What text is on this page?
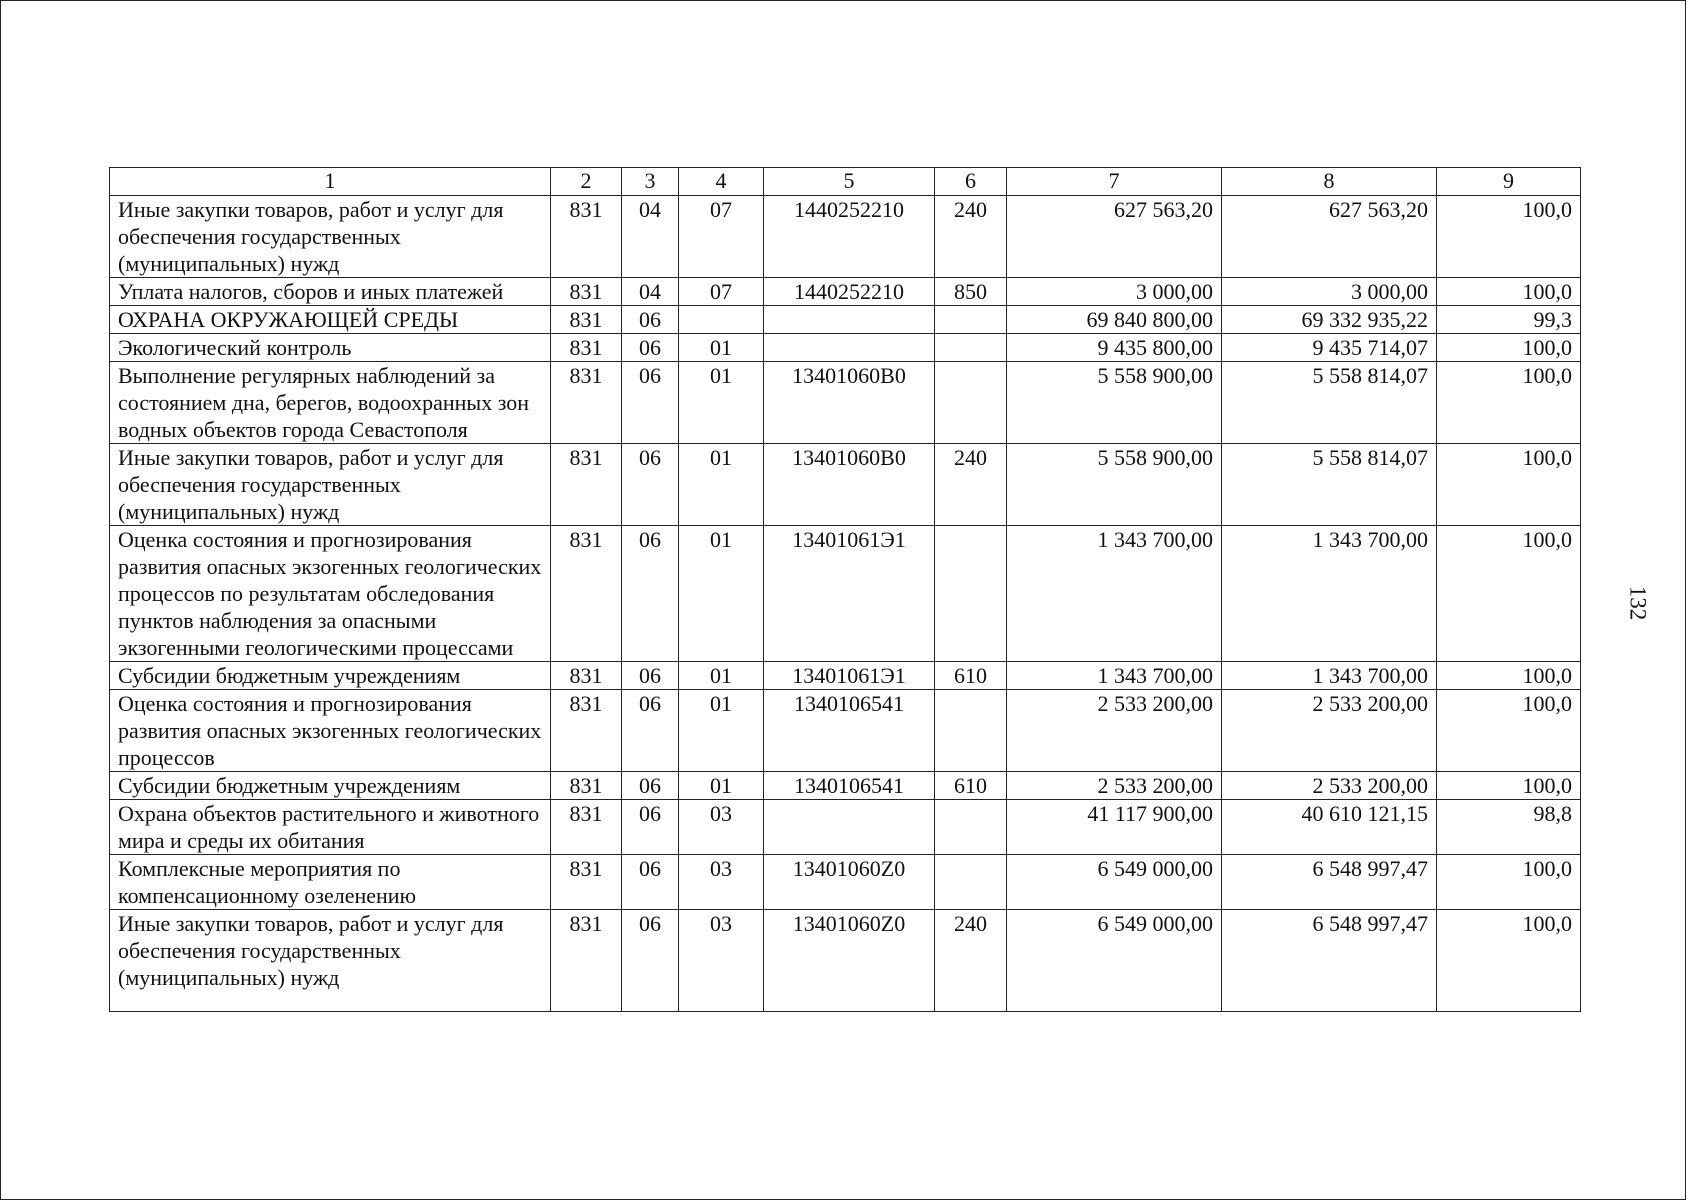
1	2	3	4	5	6	7	8	9
Иные закупки товаров, работ и услуг для обеспечения государственных (муниципальных) нужд	831	04	07	1440252210	240	627 563,20	627 563,20	100,0
Уплата налогов, сборов и иных платежей	831	04	07	1440252210	850	3 000,00	3 000,00	100,0
ОХРАНА ОКРУЖАЮЩЕЙ СРЕДЫ	831	06				69 840 800,00	69 332 935,22	99,3
Экологический контроль	831	06	01			9 435 800,00	9 435 714,07	100,0
Выполнение регулярных наблюдений за состоянием дна, берегов, водоохранных зон водных объектов города Севастополя	831	06	01	13401060В0		5 558 900,00	5 558 814,07	100,0
Иные закупки товаров, работ и услуг для обеспечения государственных (муниципальных) нужд	831	06	01	13401060В0	240	5 558 900,00	5 558 814,07	100,0
Оценка состояния и прогнозирования развития опасных экзогенных геологических процессов по результатам обследования пунктов наблюдения за опасными экзогенными геологическими процессами	831	06	01	13401061Э1		1 343 700,00	1 343 700,00	100,0
Субсидии бюджетным учреждениям	831	06	01	13401061Э1	610	1 343 700,00	1 343 700,00	100,0
Оценка состояния и прогнозирования развития опасных экзогенных геологических процессов	831	06	01	1340106541		2 533 200,00	2 533 200,00	100,0
Субсидии бюджетным учреждениям	831	06	01	1340106541	610	2 533 200,00	2 533 200,00	100,0
Охрана объектов растительного и животного мира и среды их обитания	831	06	03			41 117 900,00	40 610 121,15	98,8
Комплексные мероприятия по компенсационному озеленению	831	06	03	13401060Z0		6 549 000,00	6 548 997,47	100,0
Иные закупки товаров, работ и услуг для обеспечения государственных (муниципальных) нужд	831	06	03	13401060Z0	240	6 549 000,00	6 548 997,47	100,0
132
